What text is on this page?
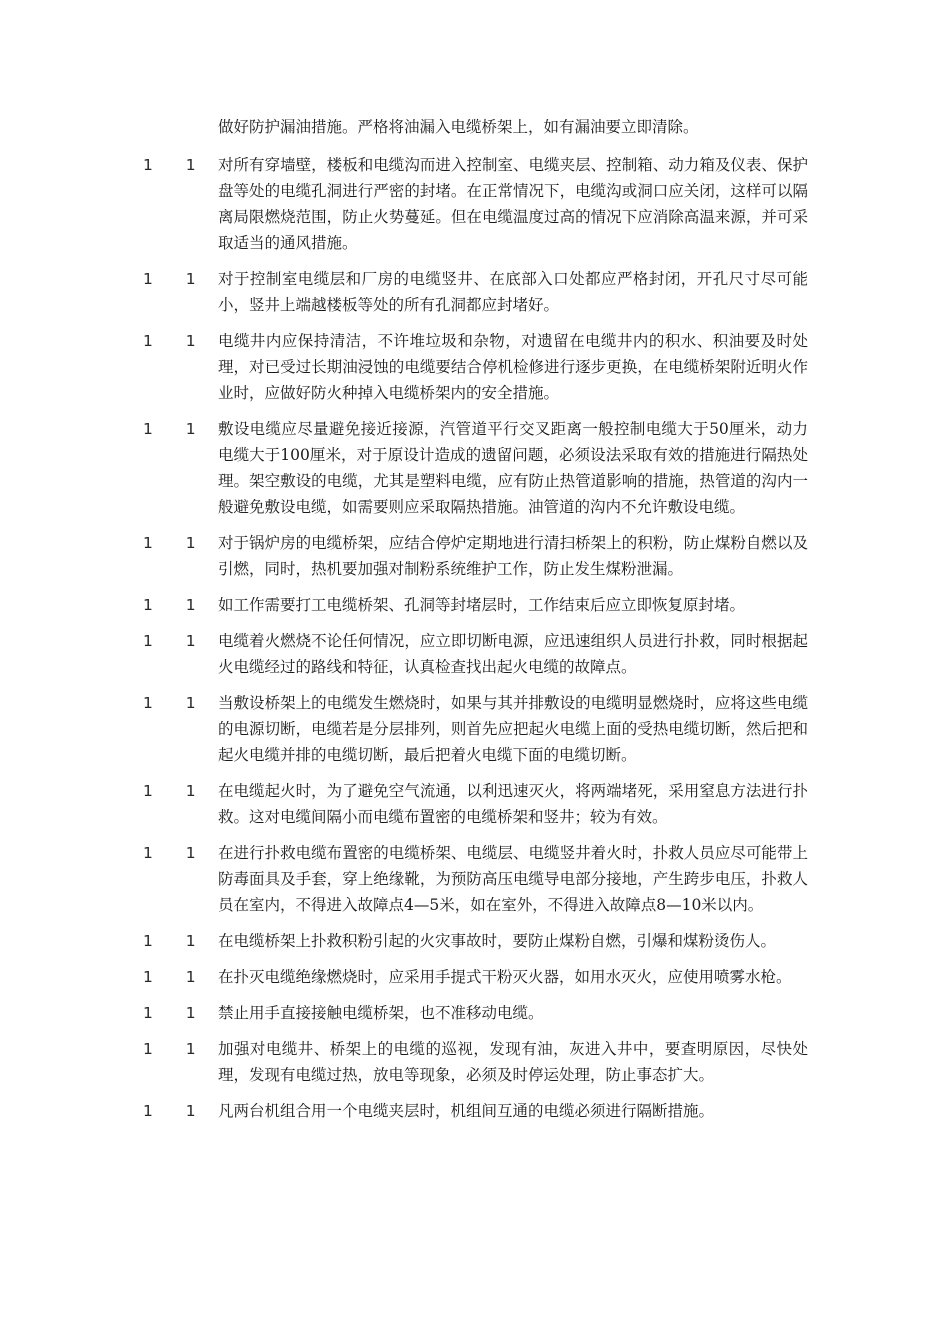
做好防护漏油措施。严格将油漏入电缆桥架上，如有漏油要立即清除。
1 1 对所有穿墙壁，楼板和电缆沟而进入控制室、电缆夹层、控制箱、动力箱及仪表、保护盘等处的电缆孔洞进行严密的封堵。在正常情况下，电缆沟或洞口应关闭，这样可以隔离局限燃烧范围，防止火势蔓延。但在电缆温度过高的情况下应消除高温来源，并可采取适当的通风措施。
1 1 对于控制室电缆层和厂房的电缆竖井、在底部入口处都应严格封闭，开孔尺寸尽可能小，竖井上端越楼板等处的所有孔洞都应封堵好。
1 1 电缆井内应保持清洁，不许堆垃圾和杂物，对遗留在电缆井内的积水、积油要及时处理，对已受过长期油浸蚀的电缆要结合停机检修进行逐步更换，在电缆桥架附近明火作业时，应做好防火种掉入电缆桥架内的安全措施。
1 1 敷设电缆应尽量避免接近接源，汽管道平行交叉距离一般控制电缆大于50厘米，动力电缆大于100厘米，对于原设计造成的遗留问题，必须设法采取有效的措施进行隔热处理。架空敷设的电缆，尤其是塑料电缆，应有防止热管道影响的措施，热管道的沟内一般避免敷设电缆，如需要则应采取隔热措施。油管道的沟内不允许敷设电缆。
1 1 对于锅炉房的电缆桥架，应结合停炉定期地进行清扫桥架上的积粉，防止煤粉自燃以及引燃，同时，热机要加强对制粉系统维护工作，防止发生煤粉泄漏。
1 1 如工作需要打工电缆桥架、孔洞等封堵层时，工作结束后应立即恢复原封堵。
1 1 电缆着火燃烧不论任何情况，应立即切断电源，应迅速组织人员进行扑救，同时根据起火电缆经过的路线和特征，认真检查找出起火电缆的故障点。
1 1 当敷设桥架上的电缆发生燃烧时，如果与其并排敷设的电缆明显燃烧时，应将这些电缆的电源切断，电缆若是分层排列，则首先应把起火电缆上面的受热电缆切断，然后把和起火电缆并排的电缆切断，最后把着火电缆下面的电缆切断。
1 1 在电缆起火时，为了避免空气流通，以利迅速灭火，将两端堵死，采用窒息方法进行扑救。这对电缆间隔小而电缆布置密的电缆桥架和竖井；较为有效。
1 1 在进行扑救电缆布置密的电缆桥架、电缆层、电缆竖井着火时，扑救人员应尽可能带上防毒面具及手套，穿上绝缘靴，为预防高压电缆导电部分接地，产生跨步电压，扑救人员在室内，不得进入故障点4—5米，如在室外，不得进入故障点8—10米以内。
1 1 在电缆桥架上扑救积粉引起的火灾事故时，要防止煤粉自燃，引爆和煤粉烫伤人。
1 1 在扑灭电缆绝缘燃烧时，应采用手提式干粉灭火器，如用水灭火，应使用喷雾水枪。
1 1 禁止用手直接接触电缆桥架，也不准移动电缆。
1 1 加强对电缆井、桥架上的电缆的巡视，发现有油，灰进入井中，要查明原因，尽快处理，发现有电缆过热，放电等现象，必须及时停运处理，防止事态扩大。
1 1 凡两台机组合用一个电缆夹层时，机组间互通的电缆必须进行隔断措施。
